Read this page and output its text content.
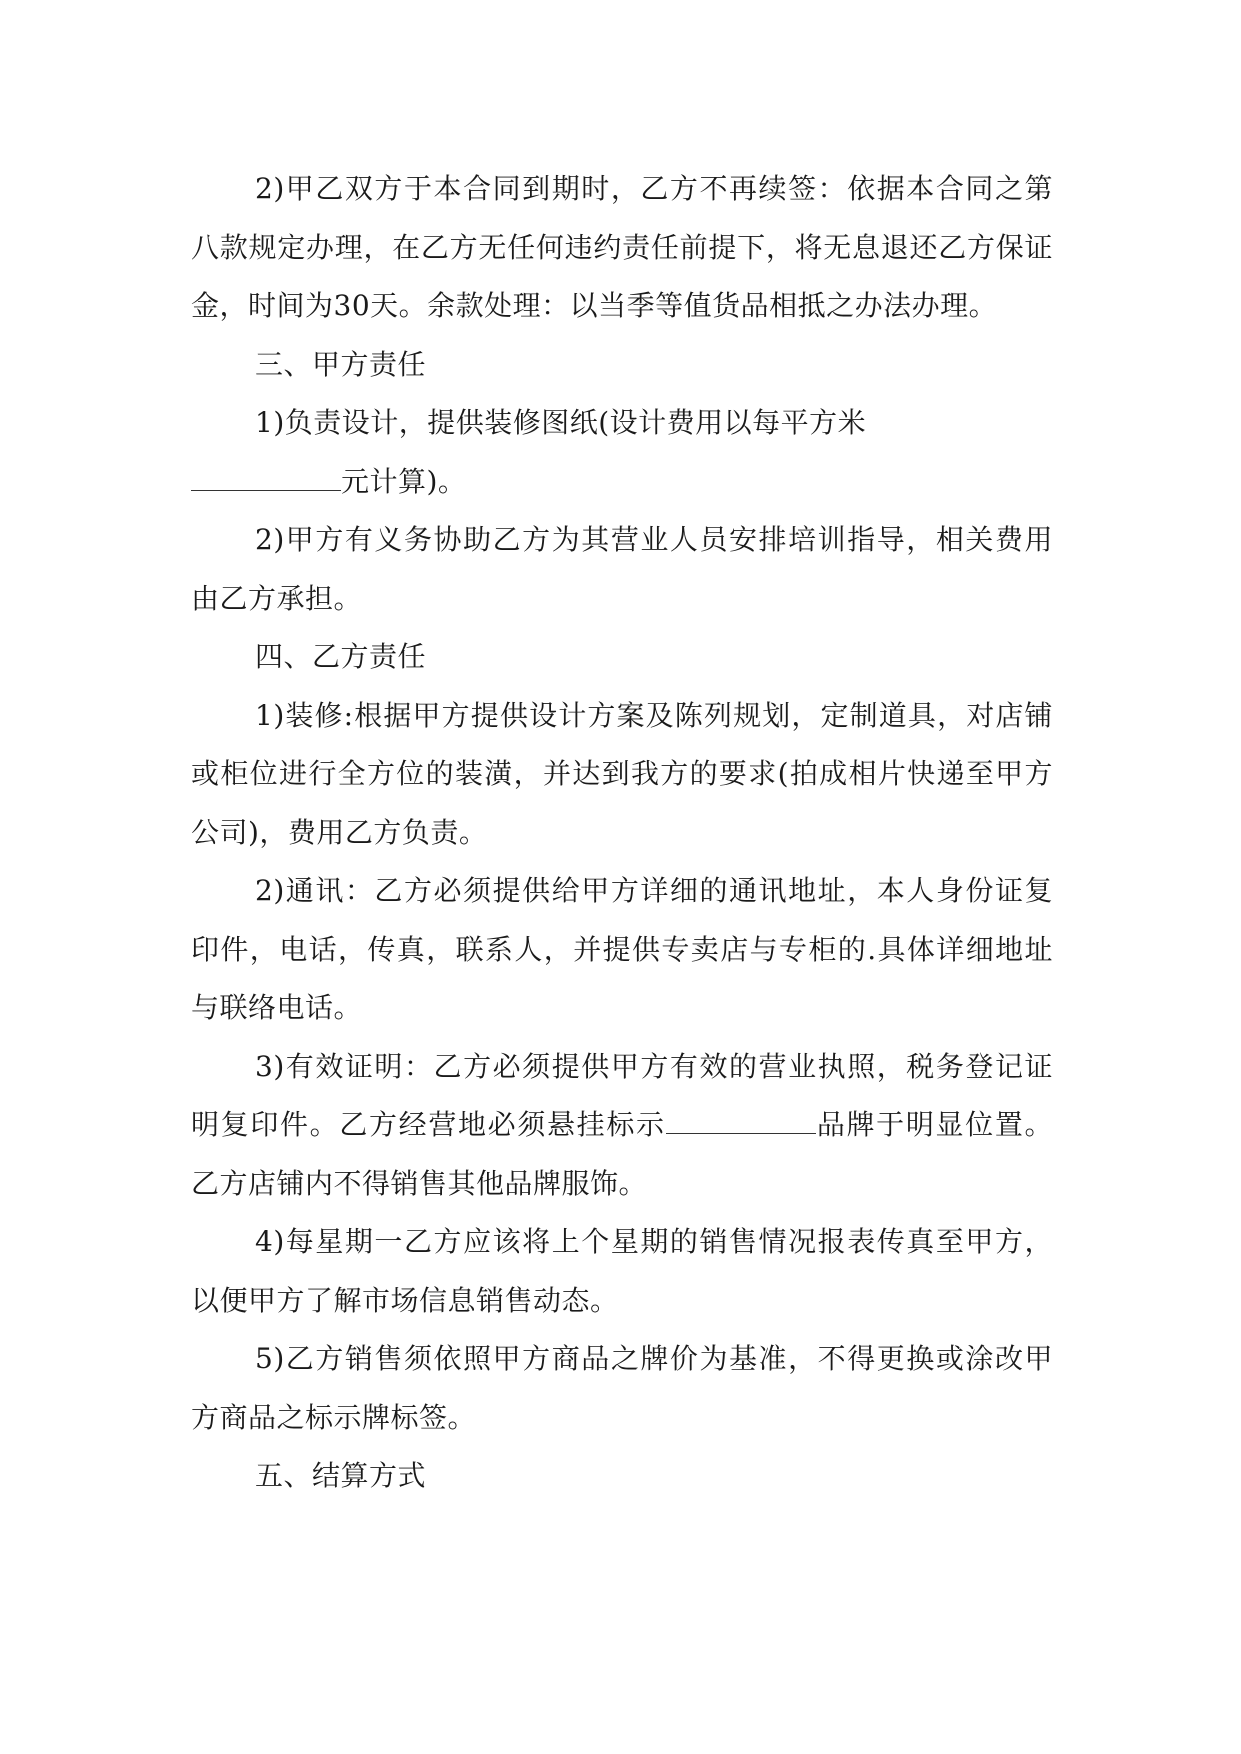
2)甲乙双方于本合同到期时，乙方不再续签：依据本合同之第八款规定办理，在乙方无任何违约责任前提下，将无息退还乙方保证金，时间为30天。余款处理：以当季等值货品相抵之办法办理。

三、甲方责任

1)负责设计，提供装修图纸(设计费用以每平方米
元计算)。

2)甲方有义务协助乙方为其营业人员安排培训指导，相关费用由乙方承担。

四、乙方责任

1)装修:根据甲方提供设计方案及陈列规划，定制道具，对店铺或柜位进行全方位的装潢，并达到我方的要求(拍成相片快递至甲方公司)，费用乙方负责。

2)通讯：乙方必须提供给甲方详细的通讯地址，本人身份证复印件，电话，传真，联系人，并提供专卖店与专柜的.具体详细地址与联络电话。

3)有效证明：乙方必须提供甲方有效的营业执照，税务登记证明复印件。乙方经营地必须悬挂标示	品牌于明显位置。乙方店铺内不得销售其他品牌服饰。

4)每星期一乙方应该将上个星期的销售情况报表传真至甲方，以便甲方了解市场信息销售动态。

5)乙方销售须依照甲方商品之牌价为基准，不得更换或涂改甲方商品之标示牌标签。

五、结算方式
